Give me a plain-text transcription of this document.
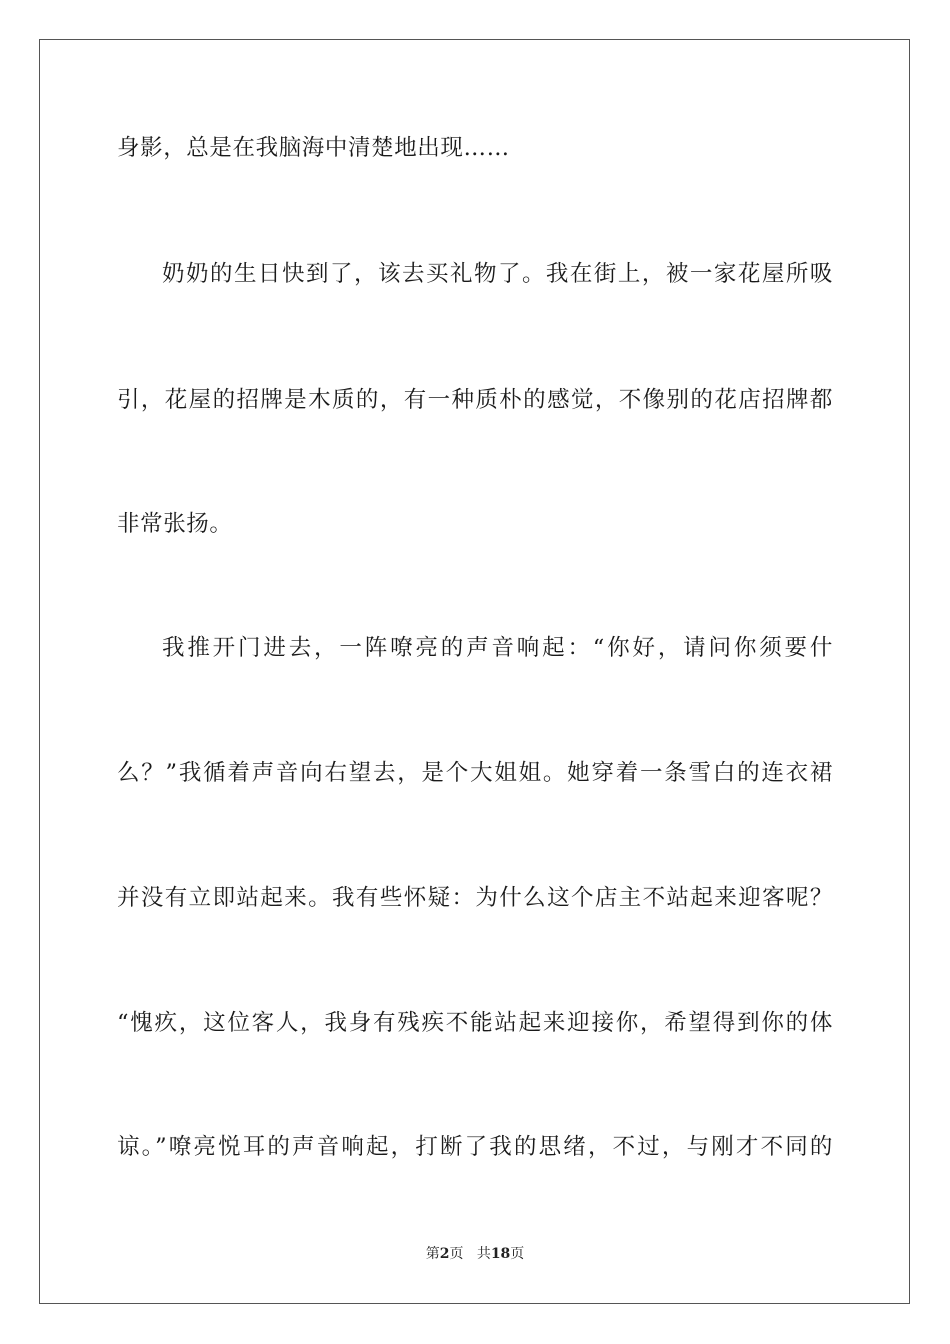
身影，总是在我脑海中清楚地出现……
奶奶的生日快到了，该去买礼物了。我在街上，被一家花屋所吸
引，花屋的招牌是木质的，有一种质朴的感觉，不像别的花店招牌都
非常张扬。
我推开门进去，一阵嘹亮的声音响起：“你好，请问你须要什
么？”我循着声音向右望去，是个大姐姐。她穿着一条雪白的连衣裙
并没有立即站起来。我有些怀疑：为什么这个店主不站起来迎客呢？
“愧疚，这位客人，我身有残疾不能站起来迎接你，希望得到你的体
谅。”嘹亮悦耳的声音响起，打断了我的思绪，不过，与刚才不同的
第2页 共18页
